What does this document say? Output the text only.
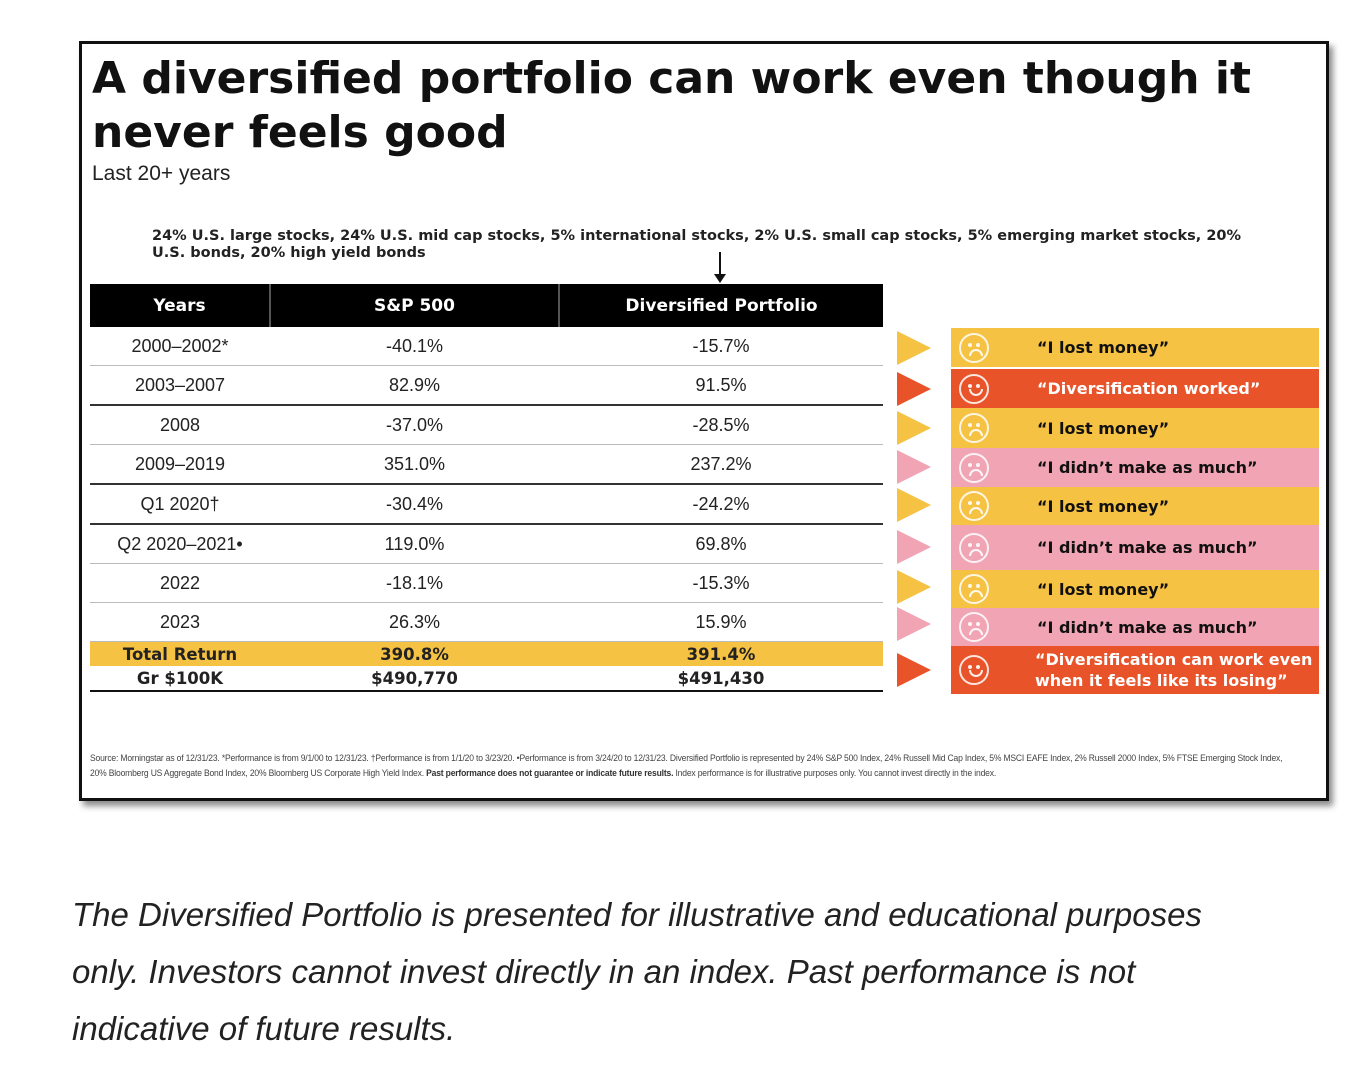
A diversified portfolio can work even though it never feels good
Last 20+ years
24% U.S. large stocks, 24% U.S. mid cap stocks, 5% international stocks, 2% U.S. small cap stocks, 5% emerging market stocks, 20% U.S. bonds, 20% high yield bonds
Years	S&P 500	Diversified Portfolio
2000–2002*	-40.1%	-15.7%
2003–2007	82.9%	91.5%
2008	-37.0%	-28.5%
2009–2019	351.0%	237.2%
Q1 2020†	-30.4%	-24.2%
Q2 2020–2021•	119.0%	69.8%
2022	-18.1%	-15.3%
2023	26.3%	15.9%
Total Return	390.8%	391.4%
Gr $100K	$490,770	$491,430
“I lost money”
“Diversification worked”
“I lost money”
“I didn’t make as much”
“I lost money”
“I didn’t make as much”
“I lost money”
“I didn’t make as much”
“Diversification can work even when it feels like its losing”
Source: Morningstar as of 12/31/23. *Performance is from 9/1/00 to 12/31/23. †Performance is from 1/1/20 to 3/23/20. •Performance is from 3/24/20 to 12/31/23. Diversified Portfolio is represented by 24% S&P 500 Index, 24% Russell Mid Cap Index, 5% MSCI EAFE Index, 2% Russell 2000 Index, 5% FTSE Emerging Stock Index, 20% Bloomberg US Aggregate Bond Index, 20% Bloomberg US Corporate High Yield Index. Past performance does not guarantee or indicate future results. Index performance is for illustrative purposes only. You cannot invest directly in the index.
The Diversified Portfolio is presented for illustrative and educational purposes only. Investors cannot invest directly in an index. Past performance is not indicative of future results.
